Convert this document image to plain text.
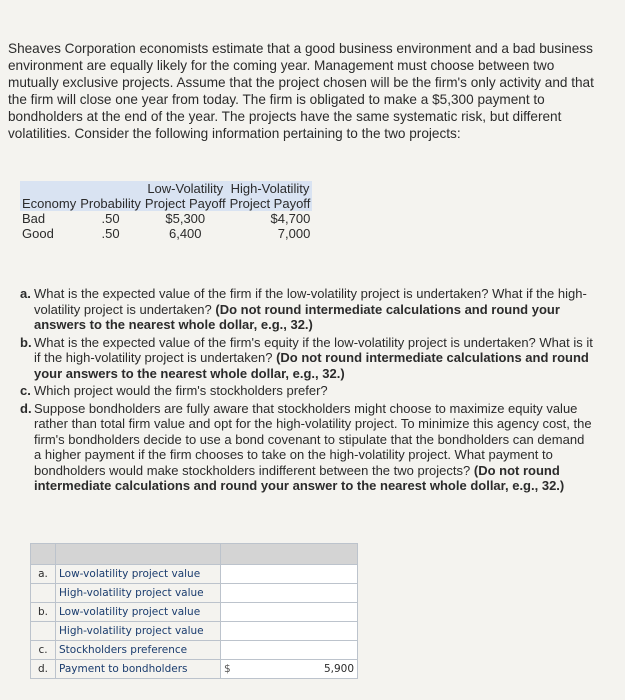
Sheaves Corporation economists estimate that a good business environment and a bad business environment are equally likely for the coming year. Management must choose between two mutually exclusive projects. Assume that the project chosen will be the firm's only activity and that the firm will close one year from today. The firm is obligated to make a $5,300 payment to bondholders at the end of the year. The projects have the same systematic risk, but different volatilities. Consider the following information pertaining to the two projects:

		Low-Volatility	High-Volatility
Economy	Probability	Project Payoff	Project Payoff
Bad	.50	$5,300	$4,700
Good	.50	6,400	7,000
a. What is the expected value of the firm if the low-volatility project is undertaken? What if the high-volatility project is undertaken? (Do not round intermediate calculations and round your answers to the nearest whole dollar, e.g., 32.)
b. What is the expected value of the firm's equity if the low-volatility project is undertaken? What is it if the high-volatility project is undertaken? (Do not round intermediate calculations and round your answers to the nearest whole dollar, e.g., 32.)
c. Which project would the firm's stockholders prefer?
d. Suppose bondholders are fully aware that stockholders might choose to maximize equity value rather than total firm value and opt for the high-volatility project. To minimize this agency cost, the firm's bondholders decide to use a bond covenant to stipulate that the bondholders can demand a higher payment if the firm chooses to take on the high-volatility project. What payment to bondholders would make stockholders indifferent between the two projects? (Do not round intermediate calculations and round your answer to the nearest whole dollar, e.g., 32.)

a.	Low-volatility project value	

	High-volatility project value	

b.	Low-volatility project value	

	High-volatility project value	

c.	Stockholders preference	

d.	Payment to bondholders	$ 5,900
